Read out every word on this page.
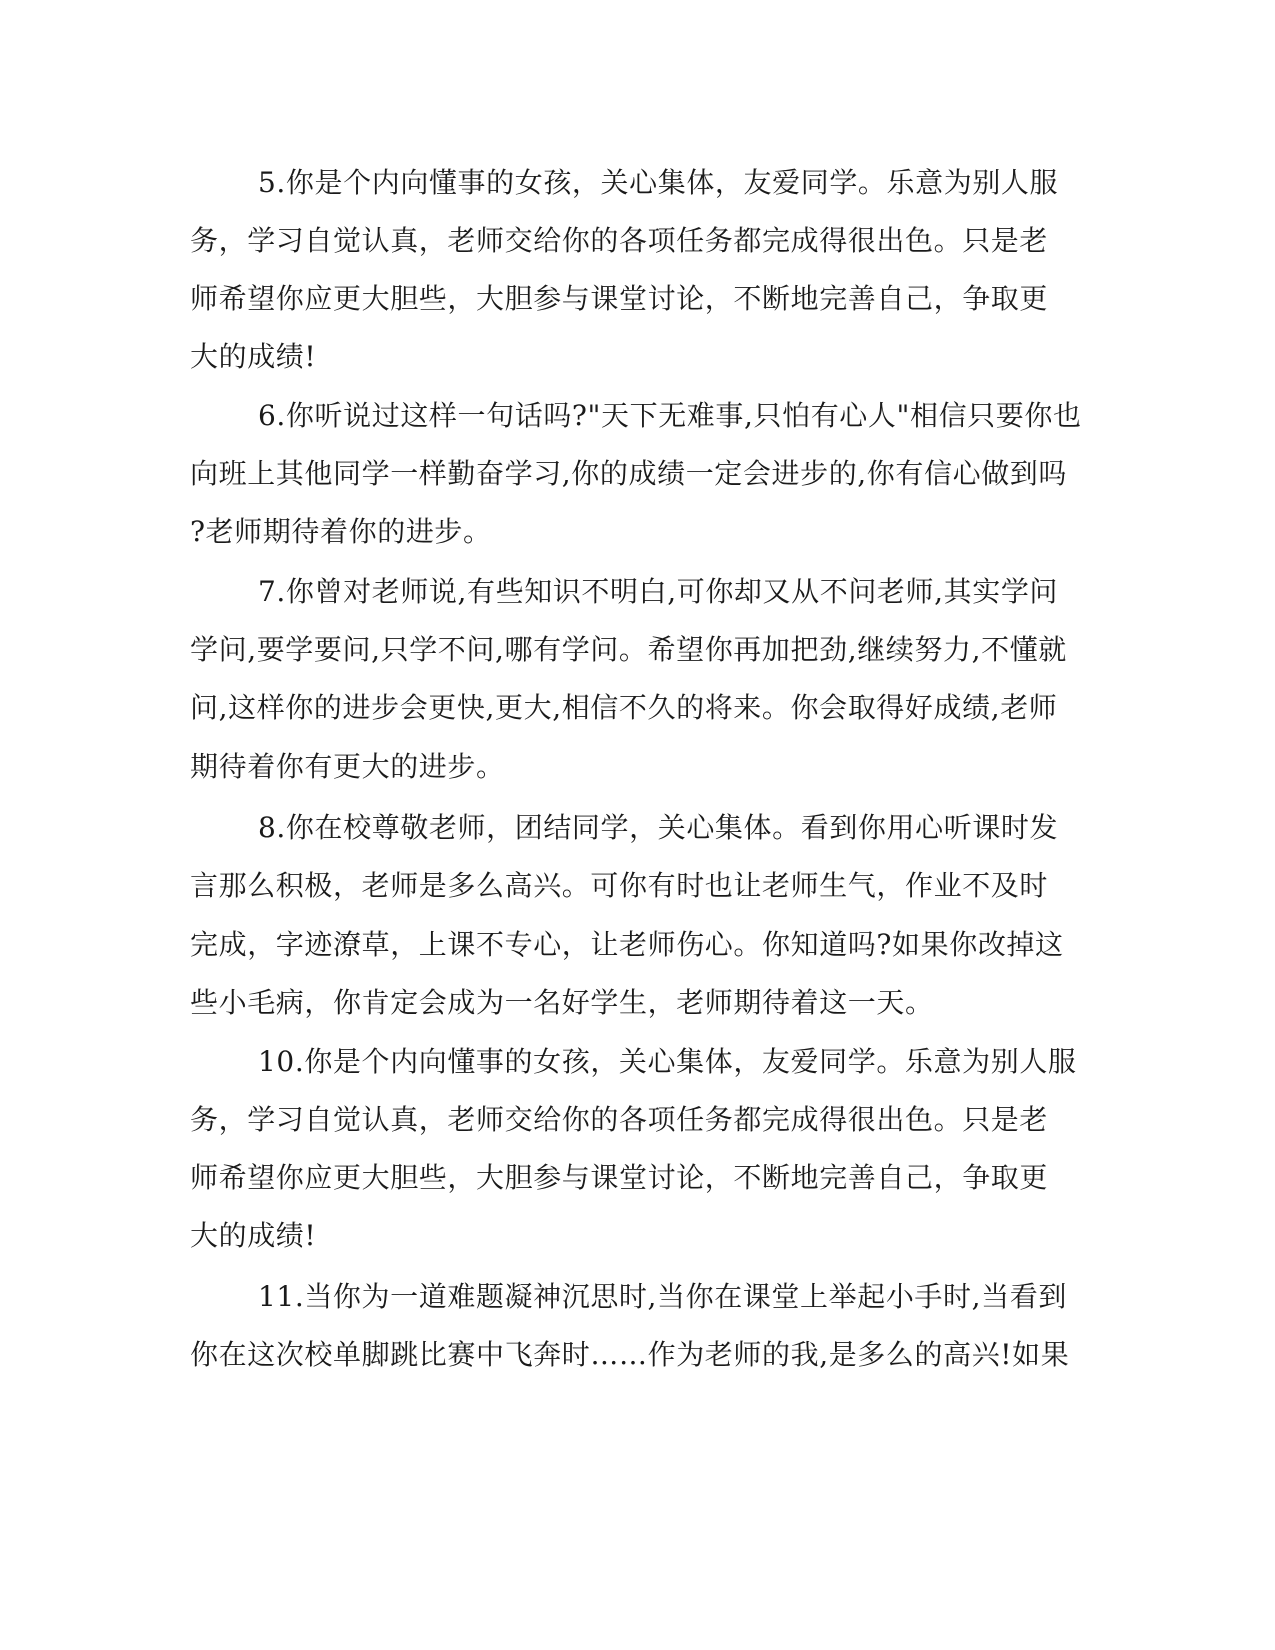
5.你是个内向懂事的女孩，关心集体，友爱同学。乐意为别人服

务，学习自觉认真，老师交给你的各项任务都完成得很出色。只是老

师希望你应更大胆些，大胆参与课堂讨论，不断地完善自己，争取更

大的成绩!

6.你听说过这样一句话吗?"天下无难事,只怕有心人"相信只要你也

向班上其他同学一样勤奋学习,你的成绩一定会进步的,你有信心做到吗

?老师期待着你的进步。

7.你曾对老师说,有些知识不明白,可你却又从不问老师,其实学问

学问,要学要问,只学不问,哪有学问。希望你再加把劲,继续努力,不懂就

问,这样你的进步会更快,更大,相信不久的将来。你会取得好成绩,老师

期待着你有更大的进步。

8.你在校尊敬老师，团结同学，关心集体。看到你用心听课时发

言那么积极，老师是多么高兴。可你有时也让老师生气，作业不及时

完成，字迹潦草，上课不专心，让老师伤心。你知道吗?如果你改掉这

些小毛病，你肯定会成为一名好学生，老师期待着这一天。

10.你是个内向懂事的女孩，关心集体，友爱同学。乐意为别人服

务，学习自觉认真，老师交给你的各项任务都完成得很出色。只是老

师希望你应更大胆些，大胆参与课堂讨论，不断地完善自己，争取更

大的成绩!

11.当你为一道难题凝神沉思时,当你在课堂上举起小手时,当看到

你在这次校单脚跳比赛中飞奔时……作为老师的我,是多么的高兴!如果
